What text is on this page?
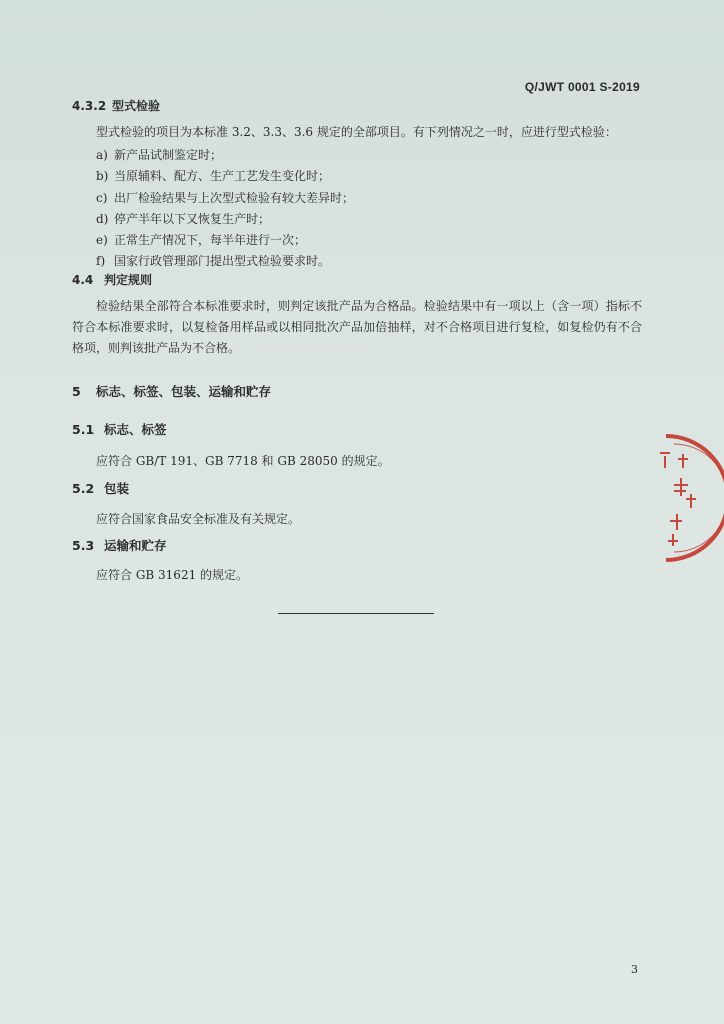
Q/JWT 0001 S-2019
4.3.2 型式检验
型式检验的项目为本标准 3.2、3.3、3.6 规定的全部项目。有下列情况之一时，应进行型式检验：
a) 新产品试制鉴定时；
b) 当原辅料、配方、生产工艺发生变化时；
c) 出厂检验结果与上次型式检验有较大差异时；
d) 停产半年以下又恢复生产时；
e) 正常生产情况下，每半年进行一次；
f) 国家行政管理部门提出型式检验要求时。
4.4 判定规则
检验结果全部符合本标准要求时，则判定该批产品为合格品。检验结果中有一项以上（含一项）指标不符合本标准要求时，以复检备用样品或以相同批次产品加倍抽样，对不合格项目进行复检，如复检仍有不合格项，则判该批产品为不合格。
5 标志、标签、包装、运输和贮存
5.1 标志、标签
应符合 GB/T 191、GB 7718 和 GB 28050 的规定。
5.2 包装
应符合国家食品安全标准及有关规定。
5.3 运输和贮存
应符合 GB 31621 的规定。
3
